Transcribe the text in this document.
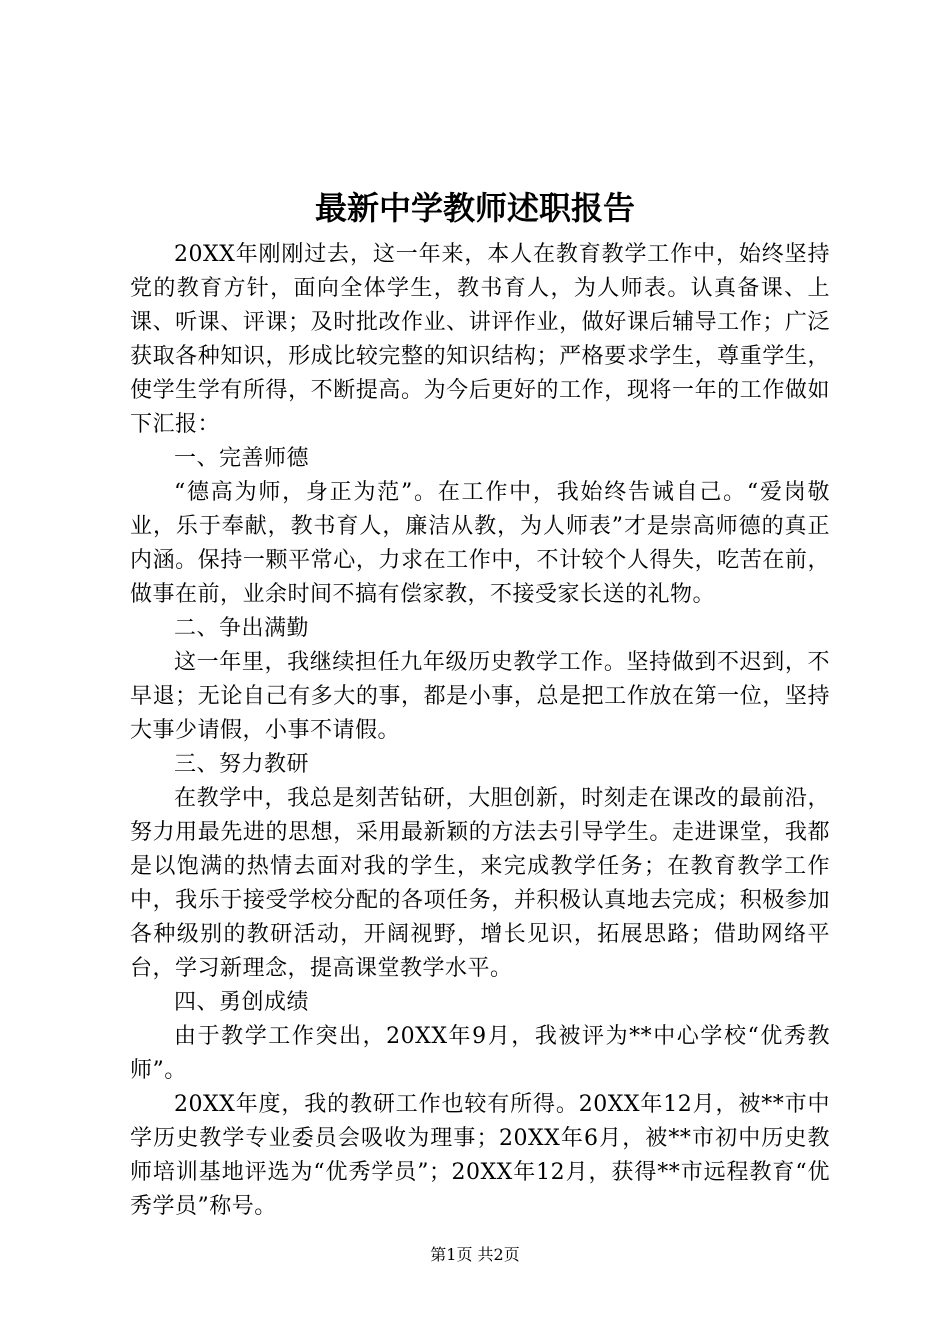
最新中学教师述职报告

20XX年刚刚过去，这一年来，本人在教育教学工作中，始终坚持党的教育方针，面向全体学生，教书育人，为人师表。认真备课、上课、听课、评课；及时批改作业、讲评作业，做好课后辅导工作；广泛获取各种知识，形成比较完整的知识结构；严格要求学生，尊重学生，使学生学有所得，不断提高。为今后更好的工作，现将一年的工作做如下汇报：

一、完善师德

“德高为师，身正为范”。在工作中，我始终告诫自己。“爱岗敬业，乐于奉献，教书育人，廉洁从教，为人师表”才是崇高师德的真正内涵。保持一颗平常心，力求在工作中，不计较个人得失，吃苦在前，做事在前，业余时间不搞有偿家教，不接受家长送的礼物。

二、争出满勤

这一年里，我继续担任九年级历史教学工作。坚持做到不迟到，不早退；无论自己有多大的事，都是小事，总是把工作放在第一位，坚持大事少请假，小事不请假。

三、努力教研

在教学中，我总是刻苦钻研，大胆创新，时刻走在课改的最前沿，努力用最先进的思想，采用最新颖的方法去引导学生。走进课堂，我都是以饱满的热情去面对我的学生，来完成教学任务；在教育教学工作中，我乐于接受学校分配的各项任务，并积极认真地去完成；积极参加各种级别的教研活动，开阔视野，增长见识，拓展思路；借助网络平台，学习新理念，提高课堂教学水平。

四、勇创成绩

由于教学工作突出，20XX年9月，我被评为**中心学校“优秀教师”。

20XX年度，我的教研工作也较有所得。20XX年12月，被**市中学历史教学专业委员会吸收为理事；20XX年6月，被**市初中历史教师培训基地评选为“优秀学员”；20XX年12月，获得**市远程教育“优秀学员”称号。

第1页 共2页
